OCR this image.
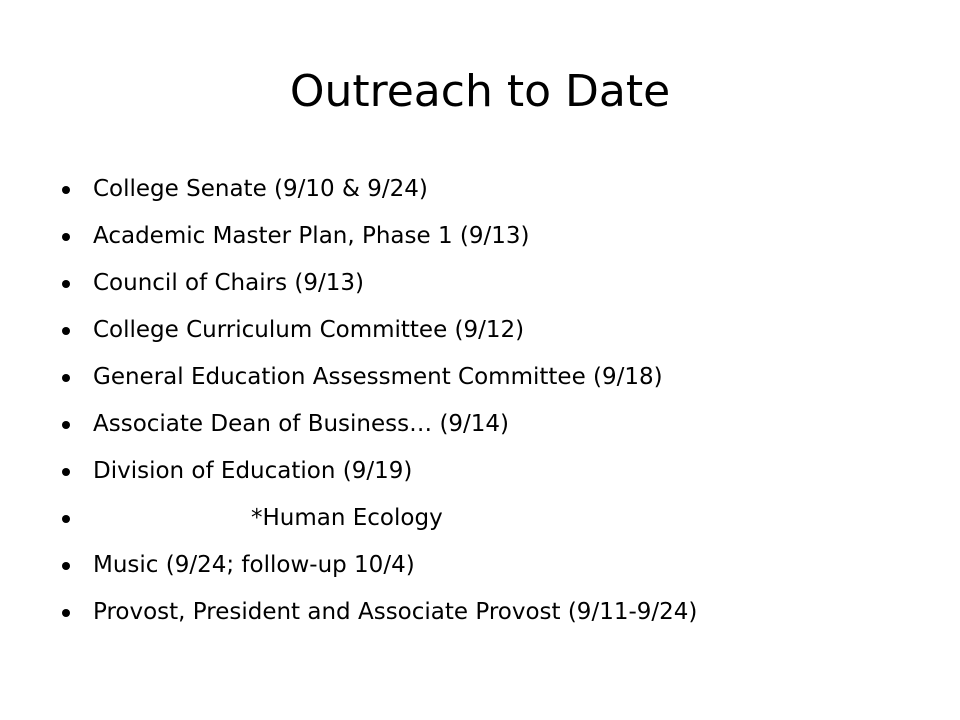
Outreach to Date
College Senate (9/10 & 9/24)
Academic Master Plan, Phase 1 (9/13)
Council of Chairs (9/13)
College Curriculum Committee (9/12)
General Education Assessment Committee (9/18)
Associate Dean of Business… (9/14)
Division of Education (9/19)
*Human Ecology
Music (9/24; follow-up 10/4)
Provost, President and Associate Provost (9/11-9/24)
